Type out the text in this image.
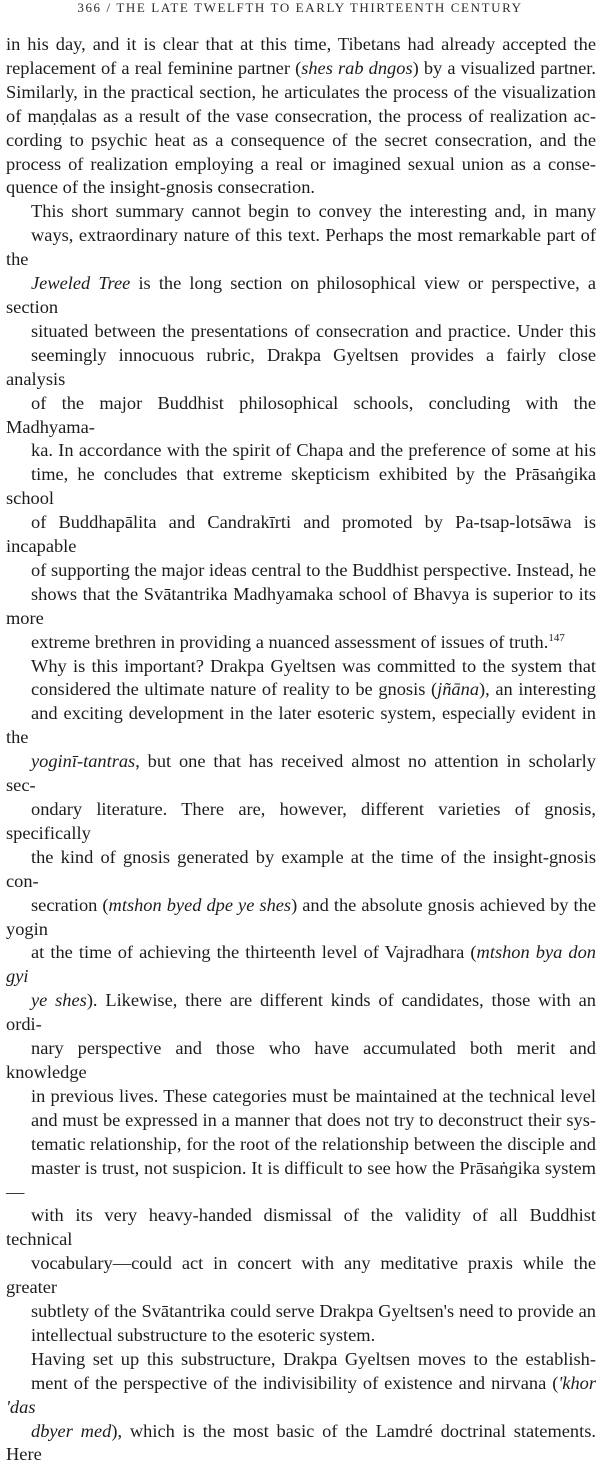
366 / THE LATE TWELFTH TO EARLY THIRTEENTH CENTURY

in his day, and it is clear that at this time, Tibetans had already accepted the
replacement of a real feminine partner (shes rab dngos) by a visualized partner.
Similarly, in the practical section, he articulates the process of the visualization
of maṇḍalas as a result of the vase consecration, the process of realization ac-
cording to psychic heat as a consequence of the secret consecration, and the
process of realization employing a real or imagined sexual union as a conse-
quence of the insight-gnosis consecration.

This short summary cannot begin to convey the interesting and, in many
ways, extraordinary nature of this text. Perhaps the most remarkable part of the
Jeweled Tree is the long section on philosophical view or perspective, a section
situated between the presentations of consecration and practice. Under this
seemingly innocuous rubric, Drakpa Gyeltsen provides a fairly close analysis
of the major Buddhist philosophical schools, concluding with the Madhyama-
ka. In accordance with the spirit of Chapa and the preference of some at his
time, he concludes that extreme skepticism exhibited by the Prāsaṅgika school
of Buddhapālita and Candrakīrti and promoted by Pa-tsap-lotsāwa is incapable
of supporting the major ideas central to the Buddhist perspective. Instead, he
shows that the Svātantrika Madhyamaka school of Bhavya is superior to its more
extreme brethren in providing a nuanced assessment of issues of truth.$^{147}$

Why is this important? Drakpa Gyeltsen was committed to the system that
considered the ultimate nature of reality to be gnosis (jñāna), an interesting
and exciting development in the later esoteric system, especially evident in the
yoginī-tantras, but one that has received almost no attention in scholarly sec-
ondary literature. There are, however, different varieties of gnosis, specifically
the kind of gnosis generated by example at the time of the insight-gnosis con-
secration (mtshon byed dpe ye shes) and the absolute gnosis achieved by the yogin
at the time of achieving the thirteenth level of Vajradhara (mtshon bya don gyi
ye shes). Likewise, there are different kinds of candidates, those with an ordi-
nary perspective and those who have accumulated both merit and knowledge
in previous lives. These categories must be maintained at the technical level
and must be expressed in a manner that does not try to deconstruct their sys-
tematic relationship, for the root of the relationship between the disciple and
master is trust, not suspicion. It is difficult to see how the Prāsaṅgika system—
with its very heavy-handed dismissal of the validity of all Buddhist technical
vocabulary—could act in concert with any meditative praxis while the greater
subtlety of the Svātantrika could serve Drakpa Gyeltsen's need to provide an
intellectual substructure to the esoteric system.

Having set up this substructure, Drakpa Gyeltsen moves to the establish-
ment of the perspective of the indivisibility of existence and nirvana ('khor 'das
dbyer med), which is the most basic of the Lamdré doctrinal statements. Here
